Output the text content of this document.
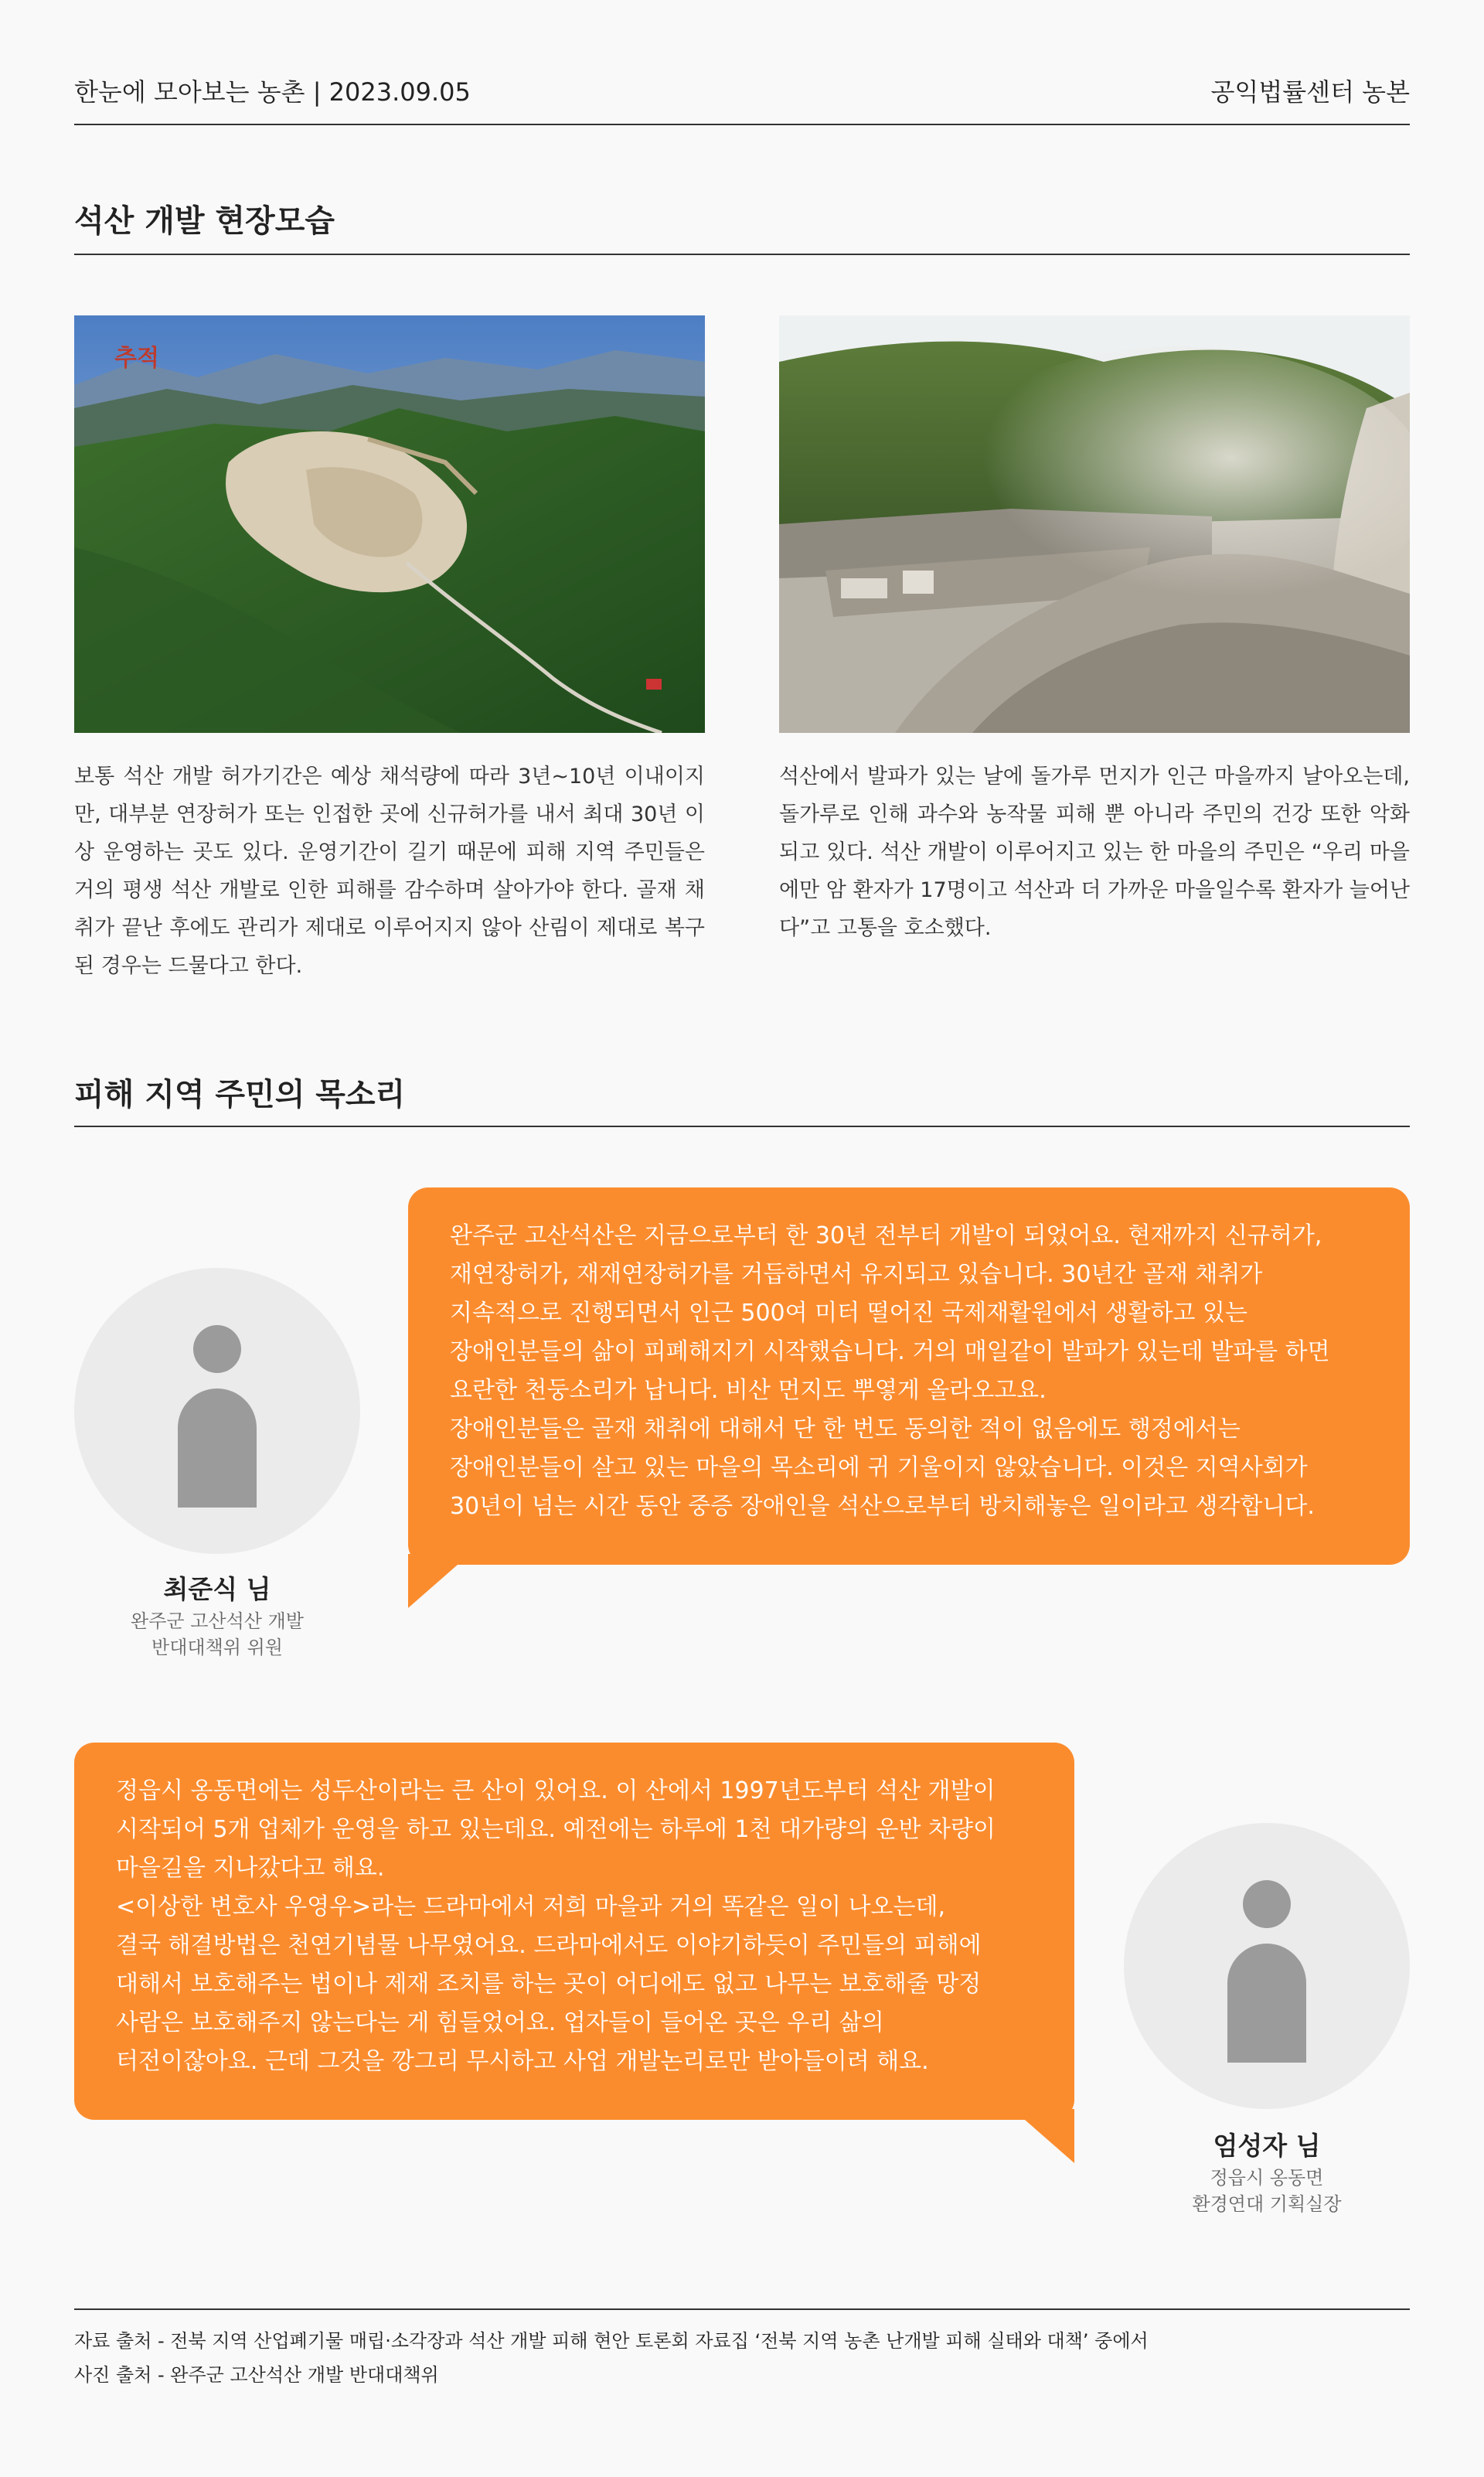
한눈에 모아보는 농촌 | 2023.09.05	공익법률센터 농본
석산 개발 현장모습
추적
보통 석산 개발 허가기간은 예상 채석량에 따라 3년~10년 이내이지만, 대부분 연장허가 또는 인접한 곳에 신규허가를 내서 최대 30년 이상 운영하는 곳도 있다. 운영기간이 길기 때문에 피해 지역 주민들은 거의 평생 석산 개발로 인한 피해를 감수하며 살아가야 한다. 골재 채취가 끝난 후에도 관리가 제대로 이루어지지 않아 산림이 제대로 복구된 경우는 드물다고 한다.
석산에서 발파가 있는 날에 돌가루 먼지가 인근 마을까지 날아오는데, 돌가루로 인해 과수와 농작물 피해 뿐 아니라 주민의 건강 또한 악화되고 있다. 석산 개발이 이루어지고 있는 한 마을의 주민은 “우리 마을에만 암 환자가 17명이고 석산과 더 가까운 마을일수록 환자가 늘어난다”고 고통을 호소했다.
피해 지역 주민의 목소리
최준식 님
완주군 고산석산 개발
반대대책위 위원

완주군 고산석산은 지금으로부터 한 30년 전부터 개발이 되었어요. 현재까지 신규허가,

재연장허가, 재재연장허가를 거듭하면서 유지되고 있습니다. 30년간 골재 채취가

지속적으로 진행되면서 인근 500여 미터 떨어진 국제재활원에서 생활하고 있는

장애인분들의 삶이 피폐해지기 시작했습니다. 거의 매일같이 발파가 있는데 발파를 하면

요란한 천둥소리가 납니다. 비산 먼지도 뿌옇게 올라오고요.

장애인분들은 골재 채취에 대해서 단 한 번도 동의한 적이 없음에도 행정에서는

장애인분들이 살고 있는 마을의 목소리에 귀 기울이지 않았습니다. 이것은 지역사회가

30년이 넘는 시간 동안 중증 장애인을 석산으로부터 방치해놓은 일이라고 생각합니다.

정읍시 옹동면에는 성두산이라는 큰 산이 있어요. 이 산에서 1997년도부터 석산 개발이

시작되어 5개 업체가 운영을 하고 있는데요. 예전에는 하루에 1천 대가량의 운반 차량이

마을길을 지나갔다고 해요.

<이상한 변호사 우영우>라는 드라마에서 저희 마을과 거의 똑같은 일이 나오는데,

결국 해결방법은 천연기념물 나무였어요. 드라마에서도 이야기하듯이 주민들의 피해에

대해서 보호해주는 법이나 제재 조치를 하는 곳이 어디에도 없고 나무는 보호해줄 망정

사람은 보호해주지 않는다는 게 힘들었어요. 업자들이 들어온 곳은 우리 삶의

터전이잖아요. 근데 그것을 깡그리 무시하고 사업 개발논리로만 받아들이려 해요.

엄성자 님
정읍시 옹동면
환경연대 기획실장
자료 출처 - 전북 지역 산업폐기물 매립·소각장과 석산 개발 피해 현안 토론회 자료집 ‘전북 지역 농촌 난개발 피해 실태와 대책’ 중에서
사진 출처 - 완주군 고산석산 개발 반대대책위
